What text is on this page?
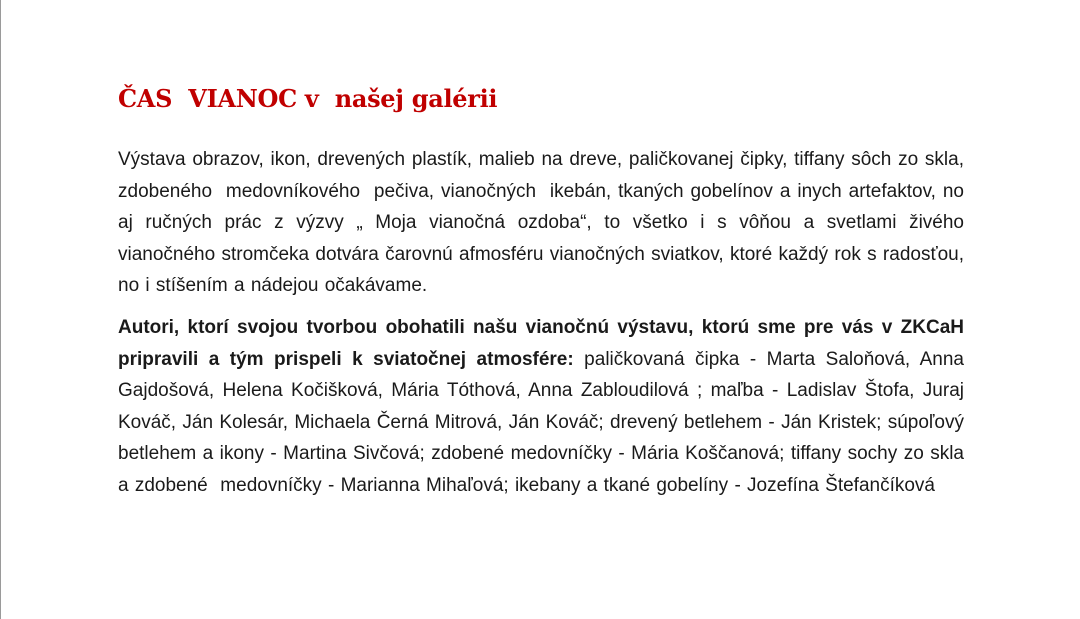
ČAS  VIANOC v  našej galérii

Výstava obrazov, ikon, drevených plastík, malieb na dreve, paličkovanej čipky, tiffany sôch zo skla, zdobeného  medovníkového  pečiva, vianočných  ikebán, tkaných gobelínov a inych artefaktov, no aj ručných prác z výzvy „ Moja vianočná ozdoba“, to všetko i s vôňou a svetlami živého vianočného stromčeka dotvára čarovnú afmosféru vianočných sviatkov, ktoré každý rok s radosťou, no i stíšením a nádejou očakávame.

Autori, ktorí svojou tvorbou obohatili našu vianočnú výstavu, ktorú sme pre vás v ZKCaH pripravili a tým prispeli k sviatočnej atmosfére: paličkovaná čipka - Marta Saloňová, Anna Gajdošová, Helena Kočišková, Mária Tóthová, Anna Zabloudilová ; maľba - Ladislav Štofa, Juraj Kováč, Ján Kolesár, Michaela Černá Mitrová, Ján Kováč; drevený betlehem - Ján Kristek; súpoľový betlehem a ikony - Martina Sivčová; zdobené medovníčky - Mária Koščanová; tiffany sochy zo skla a zdobené  medovníčky - Marianna Mihaľová; ikebany a tkané gobelíny - Jozefína Štefančíková
